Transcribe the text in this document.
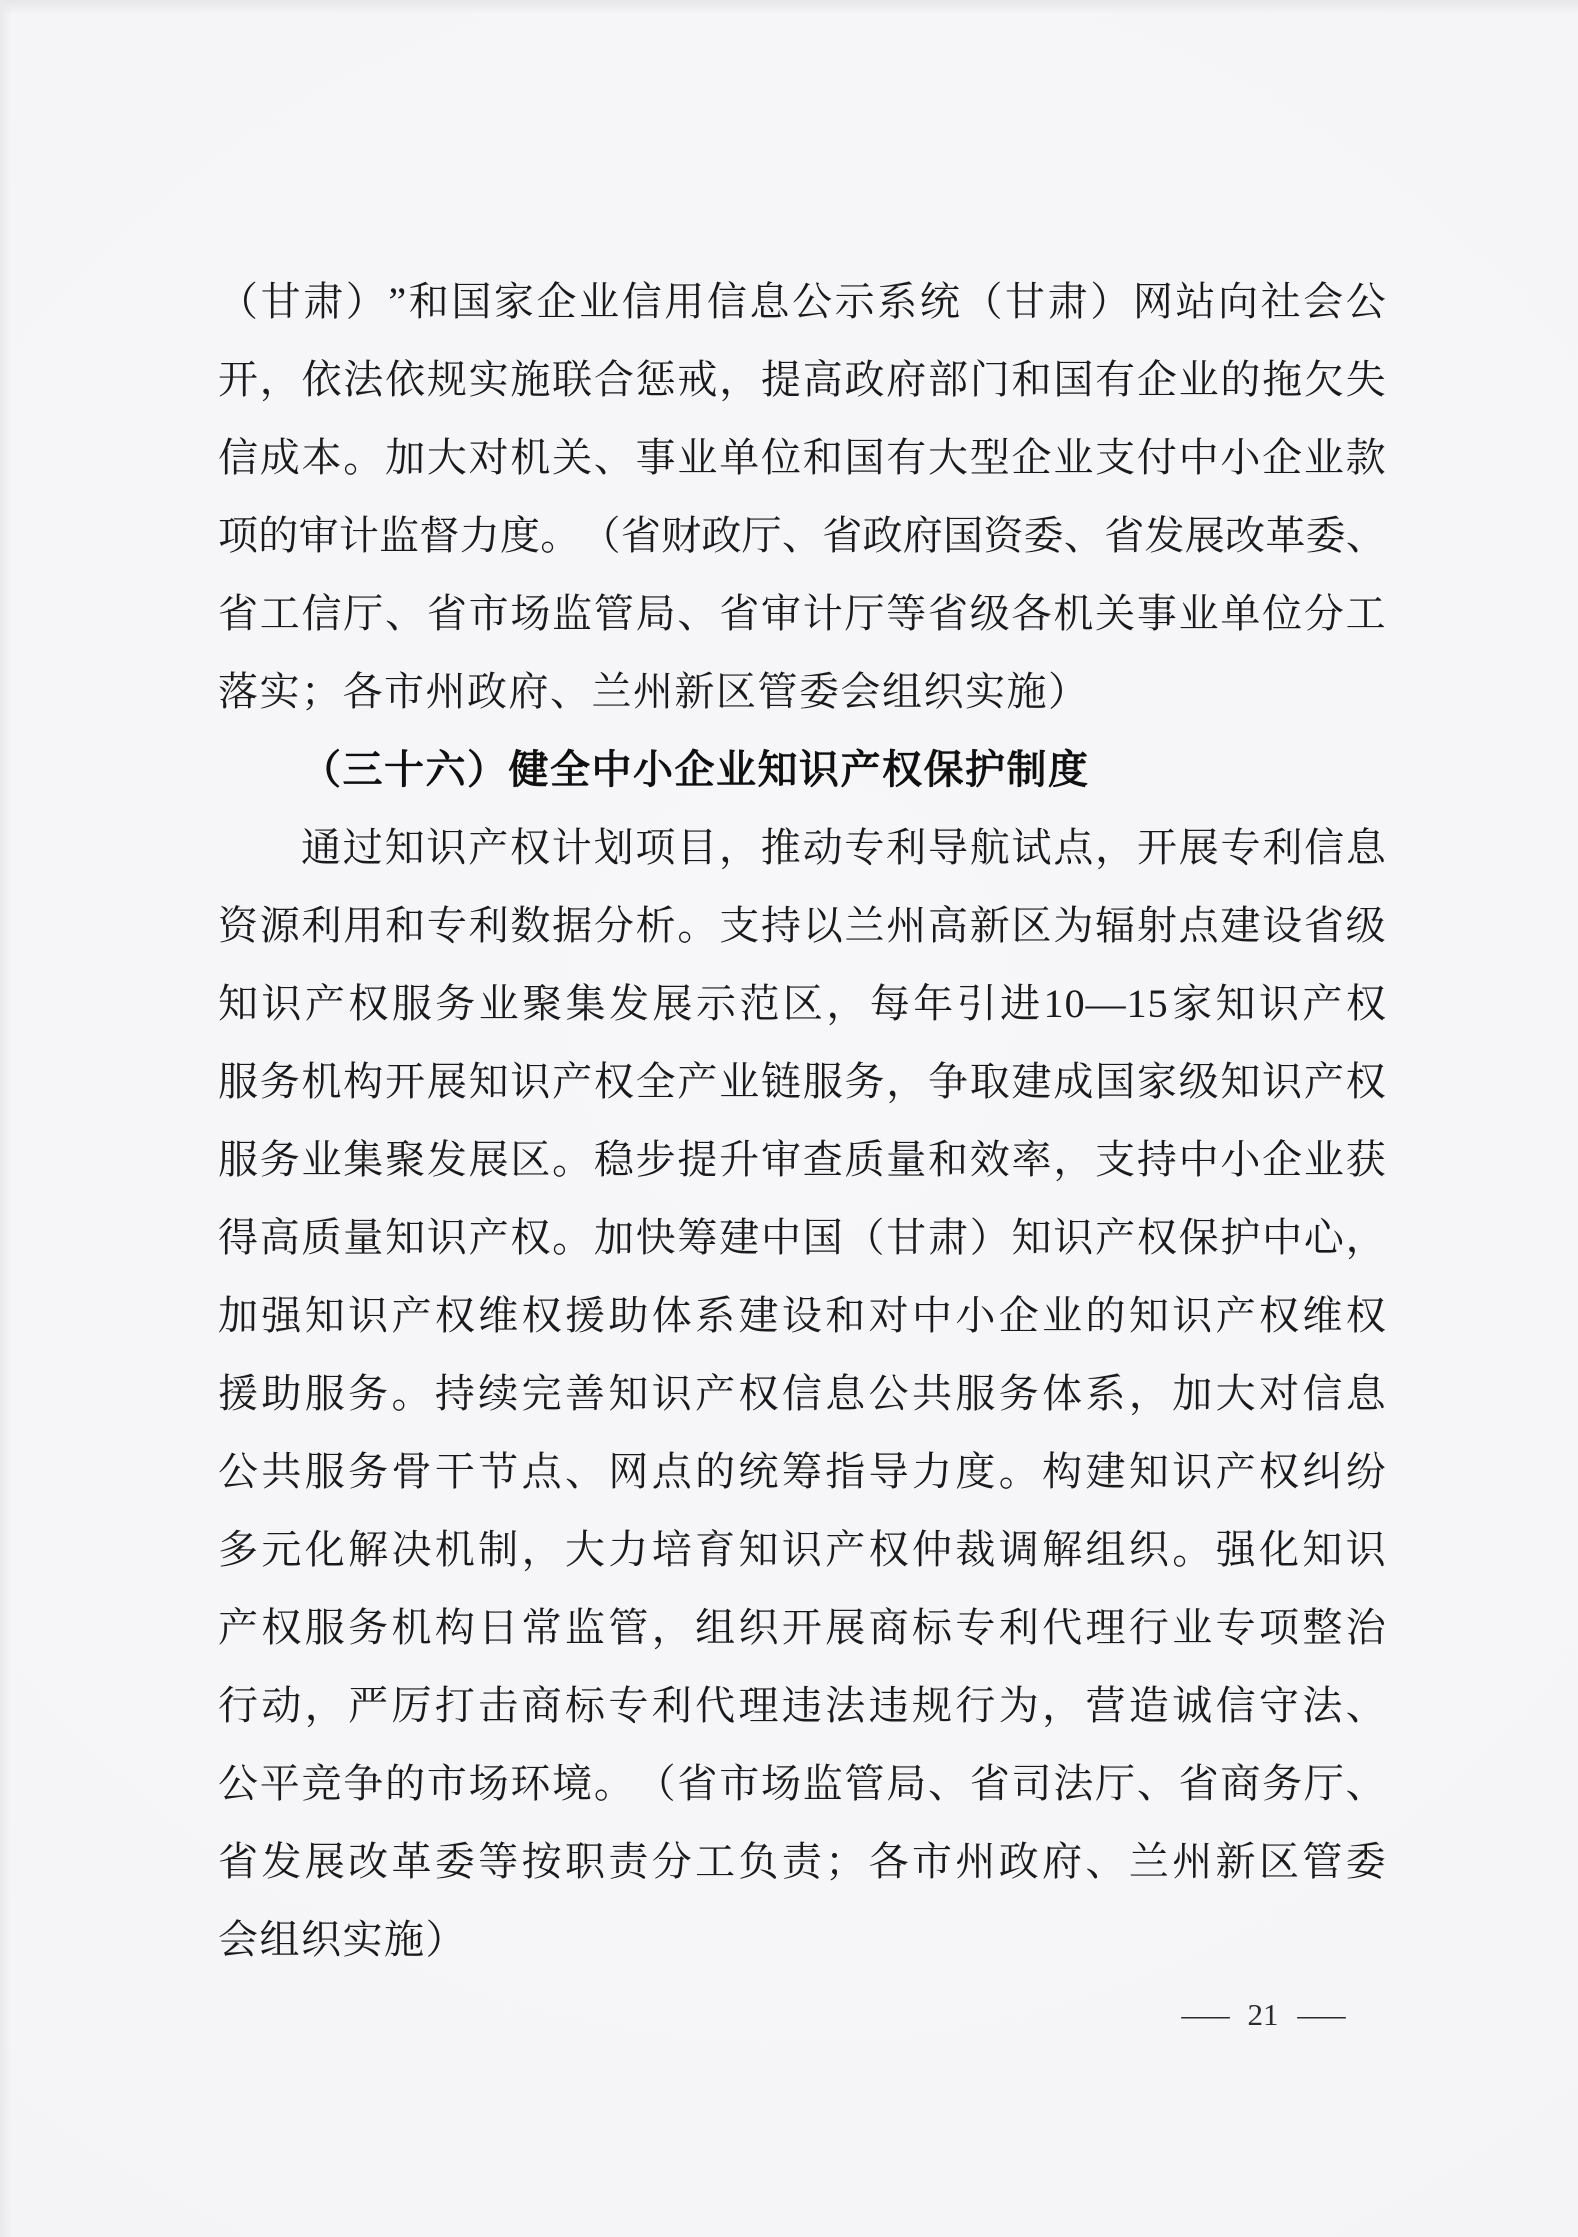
（ 甘 肃 ） ” 和 国 家 企 业 信 用 信 息 公 示 系 统 （ 甘 肃 ） 网 站 向 社 会 公
开 ， 依 法 依 规 实 施 联 合 惩 戒 ， 提 高 政 府 部 门 和 国 有 企 业 的 拖 欠 失
信 成 本 。 加 大 对 机 关 、 事 业 单 位 和 国 有 大 型 企 业 支 付 中 小 企 业 款
项 的 审 计 监 督 力 度 。 （ 省 财 政 厅 、 省 政 府 国 资 委 、 省 发 展 改 革 委 、
省 工 信 厅 、 省 市 场 监 管 局 、 省 审 计 厅 等 省 级 各 机 关 事 业 单 位 分 工
落 实 ； 各 市 州 政 府 、 兰 州 新 区 管 委 会 组 织 实 施 ）
（ 三 十 六 ） 健 全 中 小 企 业 知 识 产 权 保 护 制 度
通 过 知 识 产 权 计 划 项 目 ， 推 动 专 利 导 航 试 点 ， 开 展 专 利 信 息
资 源 利 用 和 专 利 数 据 分 析 。 支 持 以 兰 州 高 新 区 为 辐 射 点 建 设 省 级
知 识 产 权 服 务 业 聚 集 发 展 示 范 区 ， 每 年 引 进 10—15 家 知 识 产 权
服 务 机 构 开 展 知 识 产 权 全 产 业 链 服 务 ， 争 取 建 成 国 家 级 知 识 产 权
服 务 业 集 聚 发 展 区 。 稳 步 提 升 审 查 质 量 和 效 率 ， 支 持 中 小 企 业 获
得 高 质 量 知 识 产 权 。 加 快 筹 建 中 国 （ 甘 肃 ） 知 识 产 权 保 护 中 心 ，
加 强 知 识 产 权 维 权 援 助 体 系 建 设 和 对 中 小 企 业 的 知 识 产 权 维 权
援 助 服 务 。 持 续 完 善 知 识 产 权 信 息 公 共 服 务 体 系 ， 加 大 对 信 息
公 共 服 务 骨 干 节 点 、 网 点 的 统 筹 指 导 力 度 。 构 建 知 识 产 权 纠 纷
多 元 化 解 决 机 制 ， 大 力 培 育 知 识 产 权 仲 裁 调 解 组 织 。 强 化 知 识
产 权 服 务 机 构 日 常 监 管 ， 组 织 开 展 商 标 专 利 代 理 行 业 专 项 整 治
行 动 ， 严 厉 打 击 商 标 专 利 代 理 违 法 违 规 行 为 ， 营 造 诚 信 守 法 、
公 平 竞 争 的 市 场 环 境 。 （ 省 市 场 监 管 局 、 省 司 法 厅 、 省 商 务 厅 、
省 发 展 改 革 委 等 按 职 责 分 工 负 责 ； 各 市 州 政 府 、 兰 州 新 区 管 委
会 组 织 实 施 ）
— 21 —
